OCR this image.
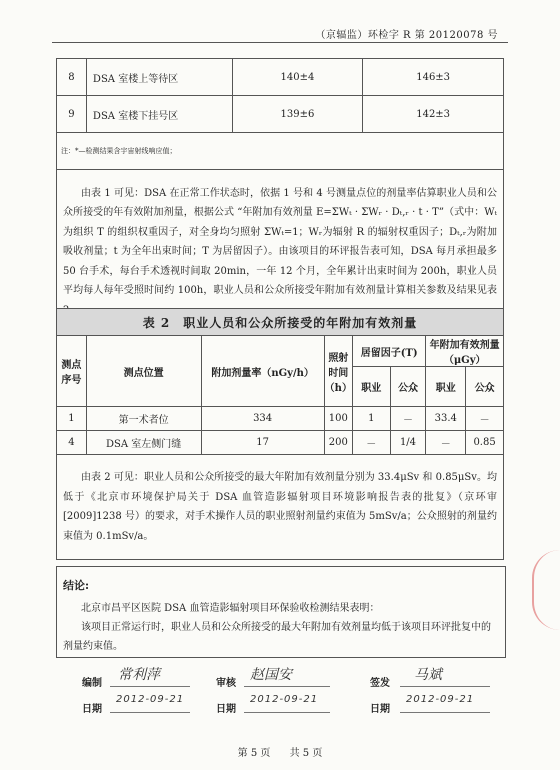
（京辐监）环检字 R 第 20120078 号
8	DSA 室楼上等待区	140±4	146±3
9	DSA 室楼下挂号区	139±6	142±3
注：*—检测结果含宇宙射线响应值；			

由表 1 可见：DSA 在正常工作状态时，依据 1 号和 4 号测量点位的剂量率估算职业人员和公众所接受的年有效附加剂量，根据公式 “年附加有效剂量 E=ΣWₜ · ΣWᵣ · Dₜ,ᵣ · t · T”（式中：Wₜ为组织 T 的组织权重因子，对全身均匀照射 ΣWₜ=1；Wᵣ为辐射 R 的辐射权重因子；Dₜ,ᵣ为附加吸收剂量；t 为全年出束时间；T 为居留因子）。由该项目的环评报告表可知，DSA 每月承担最多 50 台手术，每台手术透视时间取 20min，一年 12 个月，全年累计出束时间为 200h，职业人员平均每人每年受照时间约 100h，职业人员和公众所接受年附加有效剂量计算相关参数及结果见表			

表 2　职业人员和公众所接受的年附加有效剂量							
测点序号	测点位置	附加剂量率（nGy/h）	照射时间（h）	居留因子(T)		年附加有效剂量（μGy）	
				职业	公众	职业	公众
1	第一术者位	334	100	1	－	33.4	－
4	DSA 室左侧门缝	17	200	－	1/4	－	0.85

由表 2 可见：职业人员和公众所接受的最大年附加有效剂量分别为 33.4μSv 和 0.85μSv。均低于《北京市环境保护局关于 DSA 血管造影辐射项目环境影响报告表的批复》（京环审[2009]1238 号）的要求，对手术操作人员的职业照射剂量约束值为 5mSv/a；公众照射的剂量约束值为 0.1mSv/a。							

结论:

北京市昌平区医院 DSA 血管造影辐射项目环保验收检测结果表明：

该项目正常运行时，职业人员和公众所接受的最大年附加有效剂量均低于该项目环评批复中的剂量约束值。

编制
常利萍
审核
赵国安
签发
马斌
日期
2012-09-21
日期
2012-09-21
日期
2012-09-21
第 5 页 共 5 页
